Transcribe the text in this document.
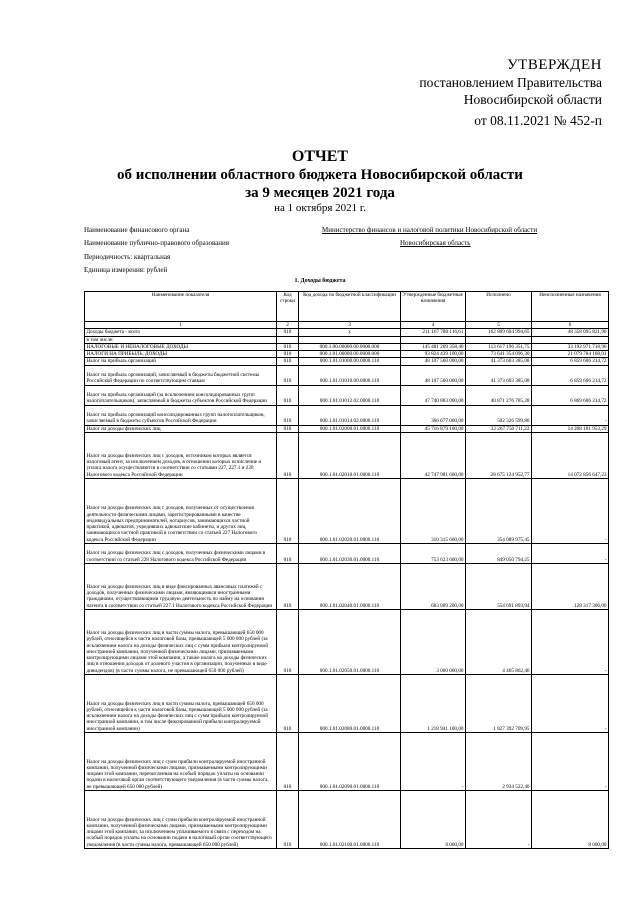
УТВЕРЖДЕН
постановлением Правительства
Новосибирской области
от 08.11.2021 № 452-п
ОТЧЕТ
об исполнении областного бюджета Новосибирской области
за 9 месяцев 2021 года
на 1 октября 2021 г.
Наименование финансового органа	Министерство финансов и налоговой политики Новосибирской области
Наименование публично-правового образования	Новосибирская область
Периодичность: квартальная
Единица измерения: рублей
1. Доходы бюджета
Наименование показателя	Код строки	Код дохода по бюджетной классификации	Утвержденные бюджетные назначения	Исполнено	Неисполненные назначения
1	2	3	4	5	6
Доходы бюджета - всего	010	x	211 167 780 116,61	162 809 604 994,65	48 358 095 821,96
в том числе:					
НАЛОГОВЫЕ И НЕНАЛОГОВЫЕ ДОХОДЫ	010	000.1.00.00000.00.0000.000	145 481 209 358,40	113 617 196 351,75	33 192 971 718,96
НАЛОГИ НА ПРИБЫЛЬ, ДОХОДЫ	010	000.1.01.00000.00.0000.000	93 824 439 100,00	73 641 354 096,30	21 079 784 168,01
Налог на прибыль организаций	010	000.1.01.01000.00.0000.110	48 107 560 000,00	41 373 603 385,08	6 859 606 214,72
Налог на прибыль организаций, зачисляемый в бюджеты бюджетной системы Российской Федерации по соответствующим ставкам	010	000.1.01.01010.00.0000.110	48 107 560 000,00	41 373 603 385,08	6 859 606 214,72
Налог на прибыль организаций (за исключением консолидированных групп налогоплательщиков), зачисляемый в бюджеты субъектов Российской Федерации	010	000.1.01.01012.02.0000.110	47 740 883 000,00	40 871 276 785,28	6 869 606 214,72
Налог на прибыль организаций консолидированных групп налогоплательщиков, зачисляемый в бюджеты субъектов Российской Федерации	010	000.1.01.01014.02.0000.110	366 677 000,00	502 326 599,80	-
Налог на доходы физических лиц	010	000.1.01.02000.01.0000.110	45 716 879 100,00	32 267 750 711,22	14 208 181 953,29
Налог на доходы физических лиц с доходов, источником которых является налоговый агент, за исключением доходов, в отношении которых исчисление и уплата налога осуществляются в соответствии со статьями 227, 227.1 и 228 Налогового кодекса Российской Федерации	010	000.1.01.02010.01.0000.110	42 747 981 600,00	28 675 124 952,77	14 072 856 647,23
Налог на доходы физических лиц с доходов, полученных от осуществления деятельности физическими лицами, зарегистрированными в качестве индивидуальных предпринимателей, нотариусов, занимающихся частной практикой, адвокатов, учредивших адвокатские кабинеты, и других лиц, занимающихся частной практикой в соответствии со статьей 227 Налогового кодекса Российской Федерации	010	000.1.01.02020.01.0000.110	310 315 600,00	354 089 975,45	-
Налог на доходы физических лиц с доходов, полученных физическими лицами в соответствии со статьей 228 Налогового кодекса Российской Федерации	010	000.1.01.02030.01.0000.110	753 623 600,00	849 050 794,25	-
Налог на доходы физических лиц в виде фиксированных авансовых платежей с доходов, полученных физическими лицами, являющимися иностранными гражданами, осуществляющими трудовую деятельность по найму на основании патента в соответствии со статьей 227.1 Налогового кодекса Российской Федерации	010	000.1.01.02040.01.0000.110	683 009 200,00	554 691 893,94	128 317 306,06
Налог на доходы физических лиц в части суммы налога, превышающей 650 000 рублей, относящейся к части налоговой базы, превышающей 5 000 000 рублей (за исключением налога на доходы физических лиц с сумм прибыли контролируемой иностранной компании, полученной физическими лицами, признаваемыми контролирующими лицами этой компании, а также налога на доходы физических лиц в отношении доходов от долевого участия в организации, полученных в виде дивидендов) (в части суммы налога, не превышающей 650 000 рублей)	010	000.1.01.02050.01.0000.110	3 000 000,00	4 465 862,46	-
Налог на доходы физических лиц в части суммы налога, превышающей 650 000 рублей, относящейся к части налоговой базы, превышающей 5 000 000 рублей (за исключением налога на доходы физических лиц с сумм прибыли контролируемой иностранной компании, в том числе фиксированной прибыли контролируемой иностранной компании)	010	000.1.01.02080.01.0000.110	1 218 941 100,00	1 827 392 709,95	-
Налог на доходы физических лиц с сумм прибыли контролируемой иностранной компании, полученной физическими лицами, признаваемыми контролирующими лицами этой компании, перечисленная на особый порядок уплаты на основании подачи в налоговый орган соответствующего уведомления (в части суммы налога, не превышающей 650 000 рублей)	010	000.1.01.02090.01.0000.110	-	2 934 522,40	-
Налог на доходы физических лиц с сумм прибыли контролируемой иностранной компании, полученной физическими лицами, признаваемыми контролирующими лицами этой компании, за исключением уплачиваемого в связи с переходом на особый порядок уплаты на основании подачи в налоговый орган соответствующего уведомления (в части суммы налога, превышающей 650 000 рублей)	010	000.1.01.02100.01.0000.110	8 000,00	-	8 000,00
